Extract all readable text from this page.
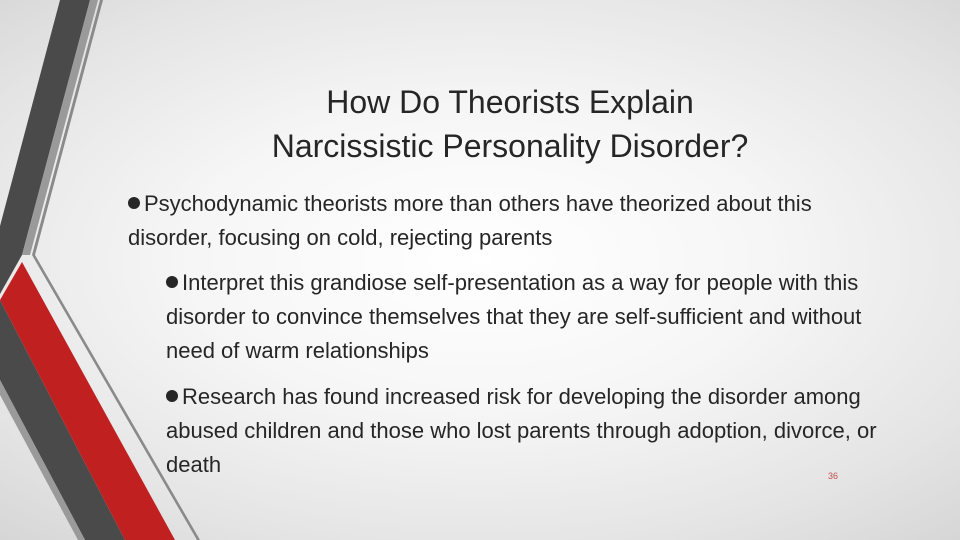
How Do Theorists Explain
Narcissistic Personality Disorder?

Psychodynamic theorists more than others have theorized about this disorder, focusing on cold, rejecting parents

Interpret this grandiose self-presentation as a way for people with this disorder to convince themselves that they are self-sufficient and without need of warm relationships

Research has found increased risk for developing the disorder among abused children and those who lost parents through adoption, divorce, or death	36
